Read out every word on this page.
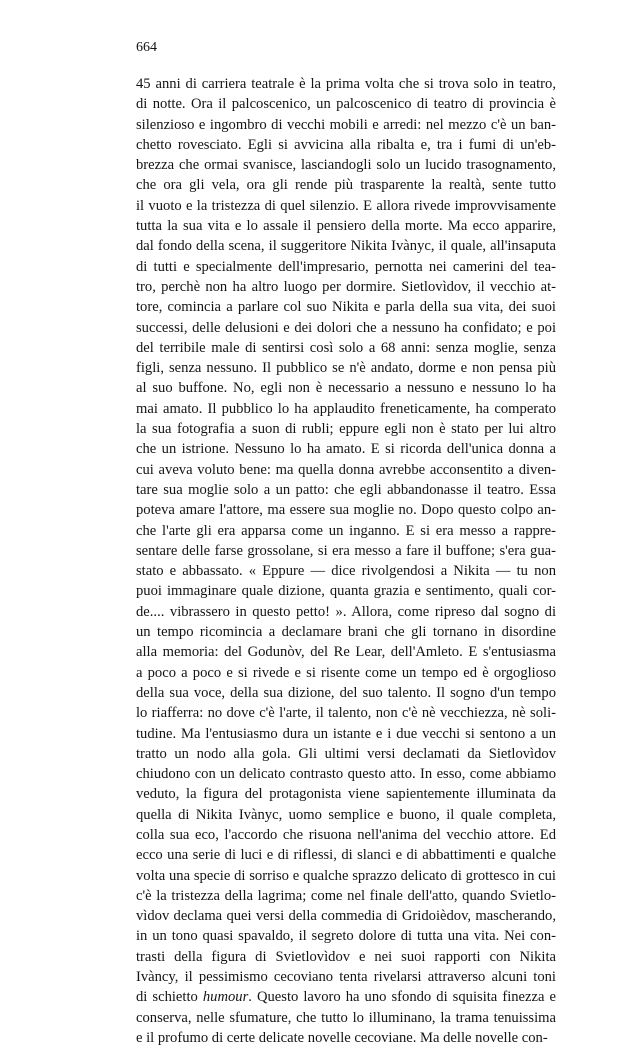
664
45 anni di carriera teatrale è la prima volta che si trova solo in teatro,
di notte. Ora il palcoscenico, un palcoscenico di teatro di provincia è
silenzioso e ingombro di vecchi mobili e arredi: nel mezzo c'è un ban-
chetto rovesciato. Egli si avvicina alla ribalta e, tra i fumi di un'eb-
brezza che ormai svanisce, lasciandogli solo un lucido trasognamento,
che ora gli vela, ora gli rende più trasparente la realtà, sente tutto
il vuoto e la tristezza di quel silenzio. E allora rivede improvvisamente
tutta la sua vita e lo assale il pensiero della morte. Ma ecco apparire,
dal fondo della scena, il suggeritore Nikita Ivànyc, il quale, all'insaputa
di tutti e specialmente dell'impresario, pernotta nei camerini del tea-
tro, perchè non ha altro luogo per dormire. Sietlovìdov, il vecchio at-
tore, comincia a parlare col suo Nikita e parla della sua vita, dei suoi
successi, delle delusioni e dei dolori che a nessuno ha confidato; e poi
del terribile male di sentirsi così solo a 68 anni: senza moglie, senza
figli, senza nessuno. Il pubblico se n'è andato, dorme e non pensa più
al suo buffone. No, egli non è necessario a nessuno e nessuno lo ha
mai amato. Il pubblico lo ha applaudito freneticamente, ha comperato
la sua fotografia a suon di rubli; eppure egli non è stato per lui altro
che un istrione. Nessuno lo ha amato. E si ricorda dell'unica donna a
cui aveva voluto bene: ma quella donna avrebbe acconsentito a diven-
tare sua moglie solo a un patto: che egli abbandonasse il teatro. Essa
poteva amare l'attore, ma essere sua moglie no. Dopo questo colpo an-
che l'arte gli era apparsa come un inganno. E si era messo a rappre-
sentare delle farse grossolane, si era messo a fare il buffone; s'era gua-
stato e abbassato. « Eppure — dice rivolgendosi a Nikita — tu non
puoi immaginare quale dizione, quanta grazia e sentimento, quali cor-
de.... vibrassero in questo petto! ». Allora, come ripreso dal sogno di
un tempo ricomincia a declamare brani che gli tornano in disordine
alla memoria: del Godunòv, del Re Lear, dell'Amleto. E s'entusiasma
a poco a poco e si rivede e si risente come un tempo ed è orgoglioso
della sua voce, della sua dizione, del suo talento. Il sogno d'un tempo
lo riafferra: no dove c'è l'arte, il talento, non c'è nè vecchiezza, nè soli-
tudine. Ma l'entusiasmo dura un istante e i due vecchi si sentono a un
tratto un nodo alla gola. Gli ultimi versi declamati da Sietlovìdov
chiudono con un delicato contrasto questo atto. In esso, come abbiamo
veduto, la figura del protagonista viene sapientemente illuminata da
quella di Nikita Ivànyc, uomo semplice e buono, il quale completa,
colla sua eco, l'accordo che risuona nell'anima del vecchio attore. Ed
ecco una serie di luci e di riflessi, di slanci e di abbattimenti e qualche
volta una specie di sorriso e qualche sprazzo delicato di grottesco in cui
c'è la tristezza della lagrima; come nel finale dell'atto, quando Svietlo-
vìdov declama quei versi della commedia di Gridoièdov, mascherando,
in un tono quasi spavaldo, il segreto dolore di tutta una vita. Nei con-
trasti della figura di Svietlovìdov e nei suoi rapporti con Nikita
Ivàncy, il pessimismo cecoviano tenta rivelarsi attraverso alcuni toni
di schietto humour. Questo lavoro ha uno sfondo di squisita finezza e
conserva, nelle sfumature, che tutto lo illuminano, la trama tenuissima
e il profumo di certe delicate novelle cecoviane. Ma delle novelle con-
